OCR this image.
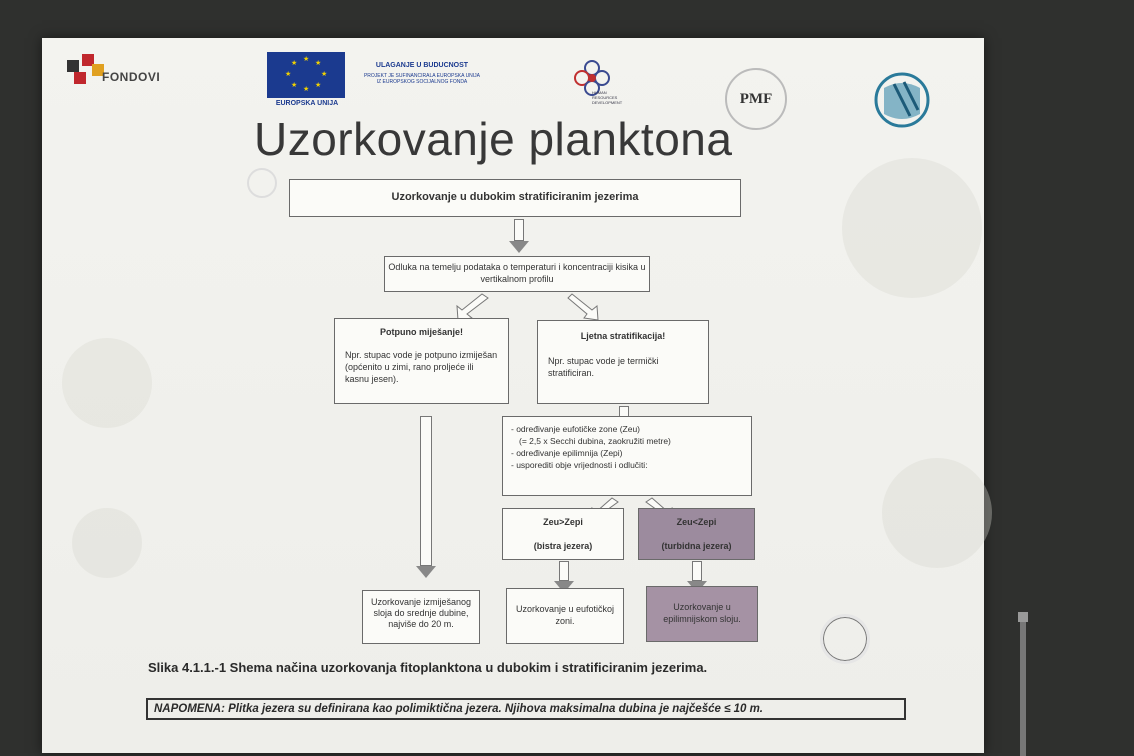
FONDOVI
★
★
★
★
★
★
★
★
EUROPSKA UNIJA
ULAGANJE U BUDUCNOST
PROJEKT JE SUFINANCIRALA EUROPSKA UNIJA IZ EUROPSKOG SOCIJALNOG FONDA
HUMAN RESOURCES DEVELOPMENT	PMF
Uzorkovanje planktona
Uzorkovanje u dubokim stratificiranim jezerima
Odluka na temelju podataka o temperaturi i koncentraciji kisika u vertikalnom profilu
Potpuno miješanje!
Npr. stupac vode je potpuno izmiješan (općenito u zimi, rano proljeće ili kasnu jesen).
Ljetna stratifikacija!
Npr. stupac vode je termički stratificiran.
- određivanje eufotičke zone (Zeu)
(= 2,5 x Secchi dubina, zaokružiti metre)
- određivanje epilimnija (Zepi)
- usporediti obje vrijednosti i odlučiti:
Zeu>Zepi
(bistra jezera)
Zeu<Zepi
(turbidna jezera)
Uzorkovanje izmiješanog sloja do srednje dubine, najviše do 20 m.
Uzorkovanje u eufotičkoj zoni.
Uzorkovanje u epilimnijskom sloju.
Slika 4.1.1.-1 Shema načina uzorkovanja fitoplanktona u dubokim i stratificiranim jezerima.
NAPOMENA: Plitka jezera su definirana kao polimiktična jezera. Njihova maksimalna dubina je najčešće ≤ 10 m.
